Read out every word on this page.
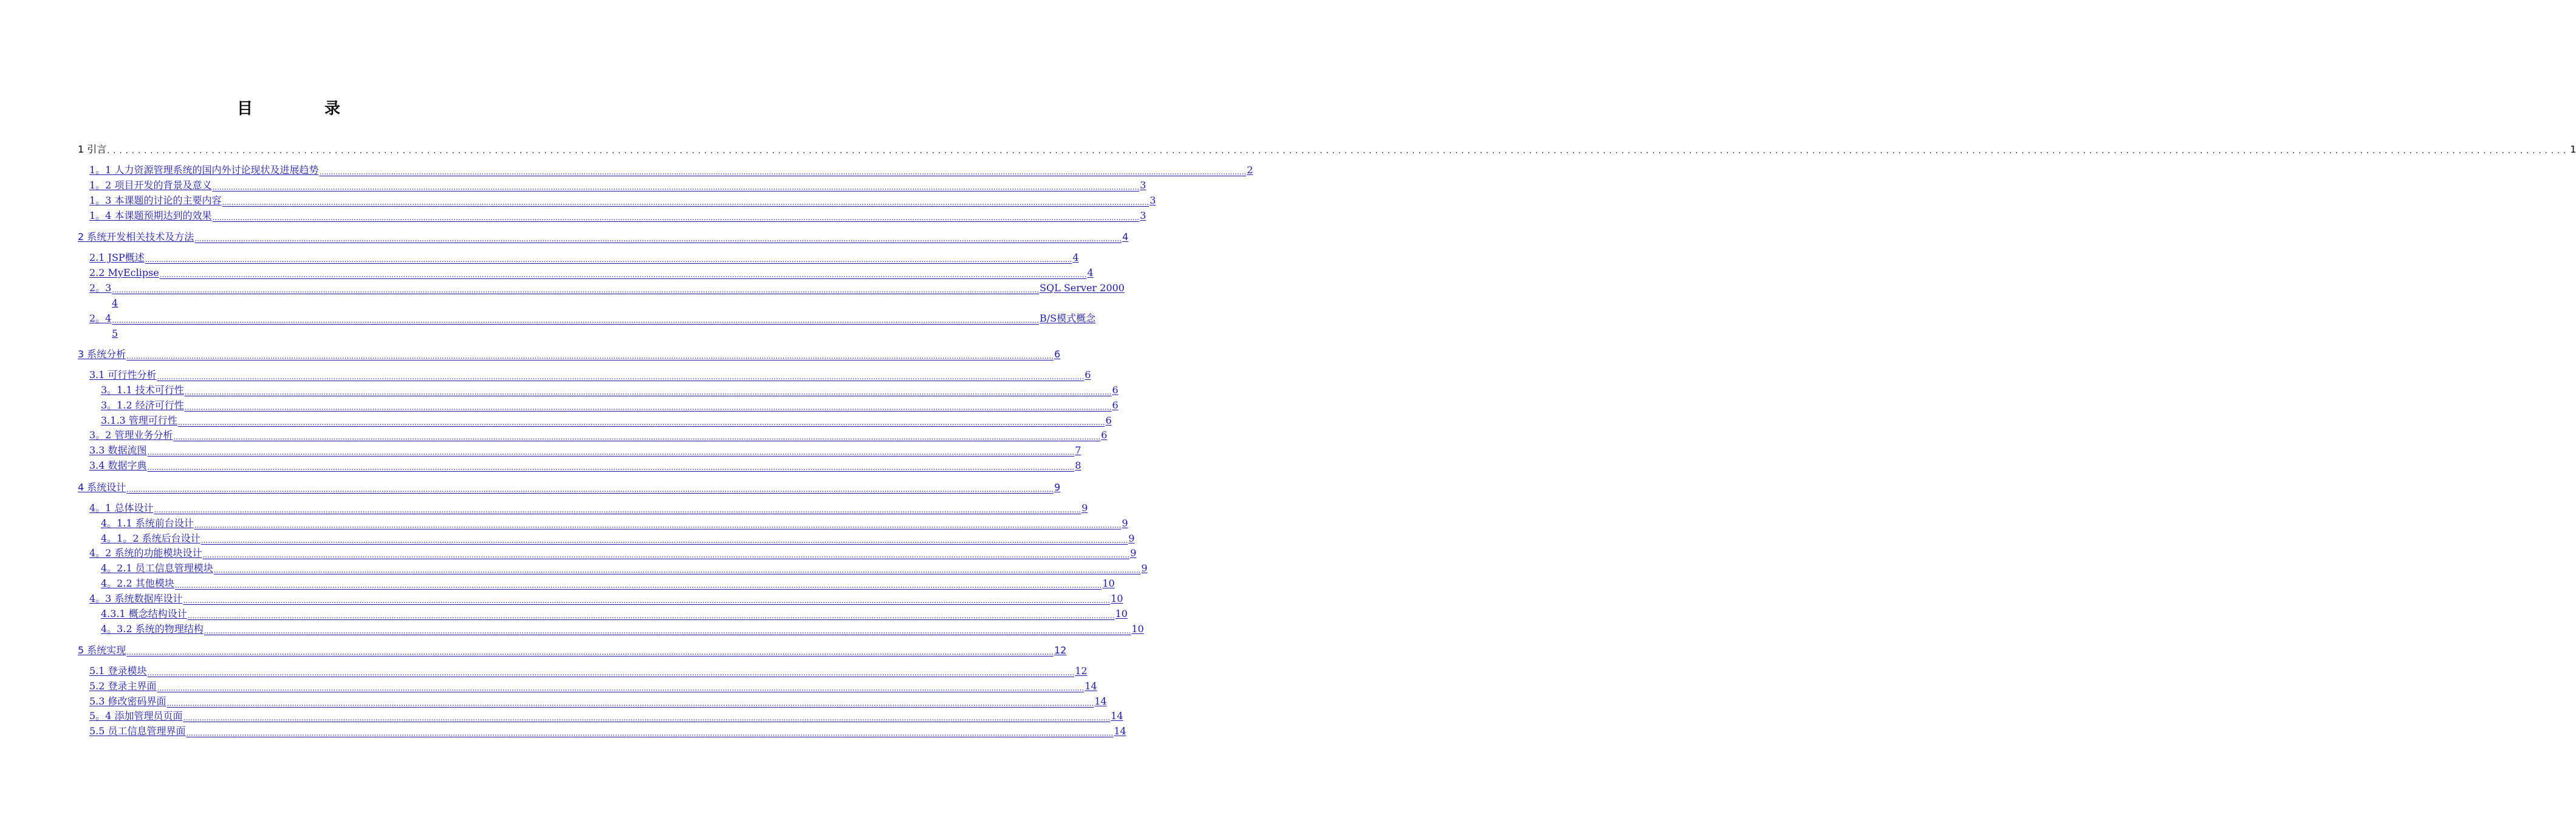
目　录
1 引言 ................................................................................................................................................................................................................................................................................................................................................................................................................ 1
1。1 人力资源管理系统的国内外讨论现状及进展趋势 ................................................................................................................................................................................................................................................................................................................................................................................................................ 2
1。2 项目开发的背景及意义 ................................................................................................................................................................................................................................................................................................................................................................................................................ 3
1。3 本课题的讨论的主要内容 ................................................................................................................................................................................................................................................................................................................................................................................................................ 3
1。4 本课题预期达到的效果 ................................................................................................................................................................................................................................................................................................................................................................................................................ 3
2 系统开发相关技术及方法 ................................................................................................................................................................................................................................................................................................................................................................................................................ 4
2.1 JSP概述 ................................................................................................................................................................................................................................................................................................................................................................................................................ 4
2.2 MyEclipse ................................................................................................................................................................................................................................................................................................................................................................................................................ 4
2。3 ................................................................................................................................................................................................................................................................................................................................................................................................................ SQL Server 2000
4
2。4 ................................................................................................................................................................................................................................................................................................................................................................................................................ B/S模式概念
5
3 系统分析 ................................................................................................................................................................................................................................................................................................................................................................................................................ 6
3.1 可行性分析 ................................................................................................................................................................................................................................................................................................................................................................................................................ 6
3。1.1 技术可行性 ................................................................................................................................................................................................................................................................................................................................................................................................................ 6
3。1.2 经济可行性 ................................................................................................................................................................................................................................................................................................................................................................................................................ 6
3.1.3 管理可行性 ................................................................................................................................................................................................................................................................................................................................................................................................................ 6
3。2 管理业务分析 ................................................................................................................................................................................................................................................................................................................................................................................................................ 6
3.3 数据流图 ................................................................................................................................................................................................................................................................................................................................................................................................................ 7
3.4 数据字典 ................................................................................................................................................................................................................................................................................................................................................................................................................ 8
4 系统设计 ................................................................................................................................................................................................................................................................................................................................................................................................................ 9
4。1 总体设计 ................................................................................................................................................................................................................................................................................................................................................................................................................ 9
4。1.1 系统前台设计 ................................................................................................................................................................................................................................................................................................................................................................................................................ 9
4。1。2 系统后台设计 ................................................................................................................................................................................................................................................................................................................................................................................................................ 9
4。2 系统的功能模块设计 ................................................................................................................................................................................................................................................................................................................................................................................................................ 9
4。2.1 员工信息管理模块 ................................................................................................................................................................................................................................................................................................................................................................................................................ 9
4。2.2 其他模块 ................................................................................................................................................................................................................................................................................................................................................................................................................ 10
4。3 系统数据库设计 ................................................................................................................................................................................................................................................................................................................................................................................................................ 10
4.3.1 概念结构设计 ................................................................................................................................................................................................................................................................................................................................................................................................................ 10
4。3.2 系统的物理结构 ................................................................................................................................................................................................................................................................................................................................................................................................................ 10
5 系统实现 ................................................................................................................................................................................................................................................................................................................................................................................................................ 12
5.1 登录模块 ................................................................................................................................................................................................................................................................................................................................................................................................................ 12
5.2 登录主界面 ................................................................................................................................................................................................................................................................................................................................................................................................................ 14
5.3 修改密码界面 ................................................................................................................................................................................................................................................................................................................................................................................................................ 14
5。4 添加管理员页面 ................................................................................................................................................................................................................................................................................................................................................................................................................ 14
5.5 员工信息管理界面 ................................................................................................................................................................................................................................................................................................................................................................................................................ 14
